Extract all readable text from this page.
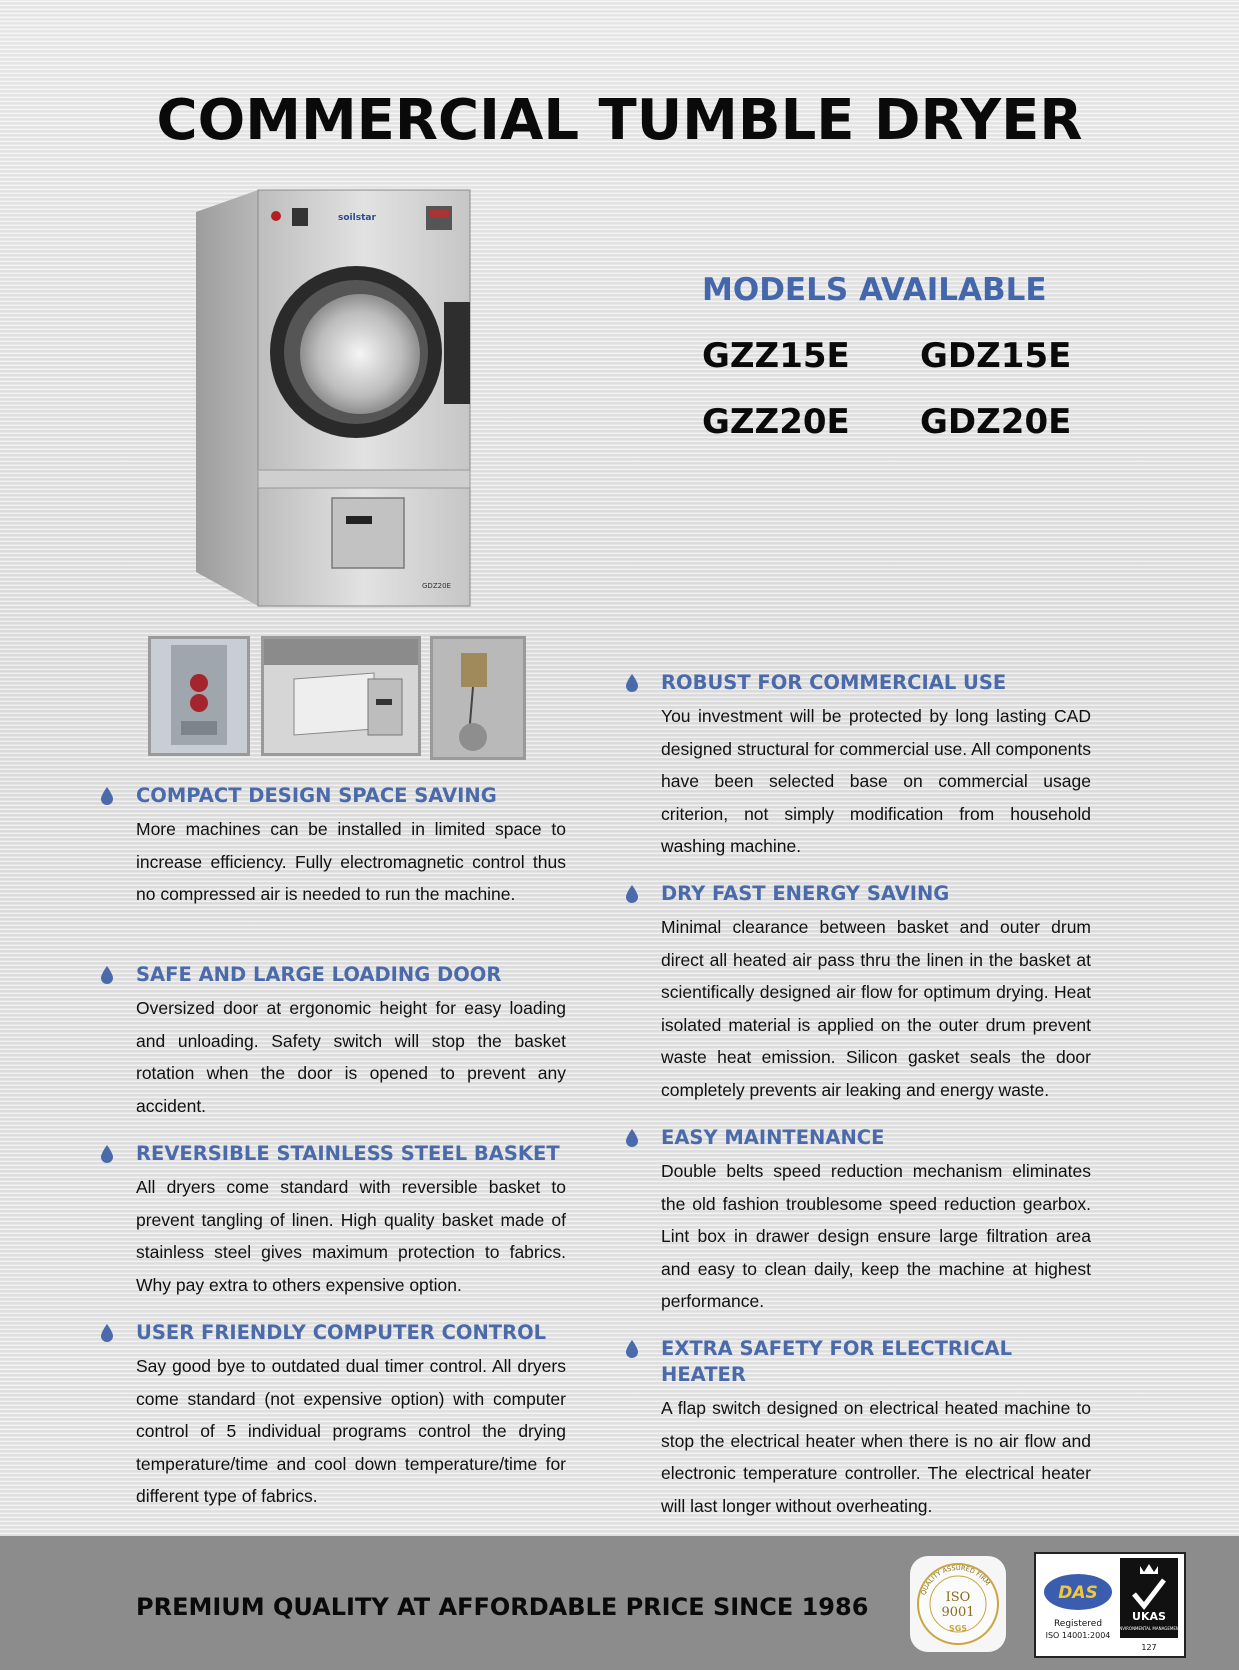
COMMERCIAL TUMBLE DRYER
soilstar
GDZ20E
MODELS AVAILABLE
GZZ15E GDZ15E
GZZ20E GDZ20E
COMPACT DESIGN SPACE SAVING

More machines can be installed in limited space to increase efficiency. Fully electromagnetic control thus no compressed air is needed to run the machine.

SAFE AND LARGE LOADING DOOR

Oversized door at ergonomic height for easy loading and unloading. Safety switch will stop the basket rotation when the door is opened to prevent any accident.

REVERSIBLE STAINLESS STEEL BASKET

All dryers come standard with reversible basket to prevent tangling of linen. High quality basket made of stainless steel gives maximum protection to fabrics. Why pay extra to others expensive option.

USER FRIENDLY COMPUTER CONTROL

Say good bye to outdated dual timer control. All dryers come standard (not expensive option) with computer control of 5 individual programs control the drying temperature/time and cool down temperature/time for different type of fabrics.

ROBUST FOR COMMERCIAL USE

You investment will be protected by long lasting CAD designed structural for commercial use. All components have been selected base on commercial usage criterion, not simply modification from household washing machine.

DRY FAST ENERGY SAVING

Minimal clearance between basket and outer drum direct all heated air pass thru the linen in the basket at scientifically designed air flow for optimum drying. Heat isolated material is applied on the outer drum prevent waste heat emission. Silicon gasket seals the door completely prevents air leaking and energy waste.

EASY MAINTENANCE

Double belts speed reduction mechanism eliminates the old fashion troublesome speed reduction gearbox. Lint box in drawer design ensure large filtration area and easy to clean daily, keep the machine at highest performance.

EXTRA SAFETY FOR ELECTRICAL HEATER

A flap switch designed on electrical heated machine to stop the electrical heater when there is no air flow and electronic temperature controller. The electrical heater will last longer without overheating.

PREMIUM QUALITY AT AFFORDABLE PRICE SINCE 1986
QUALITY ASSURED FIRM
ISO
9001
SGS
DAS
Registered
ISO 14001:2004
UKAS
ENVIRONMENTAL MANAGEMENT
127
